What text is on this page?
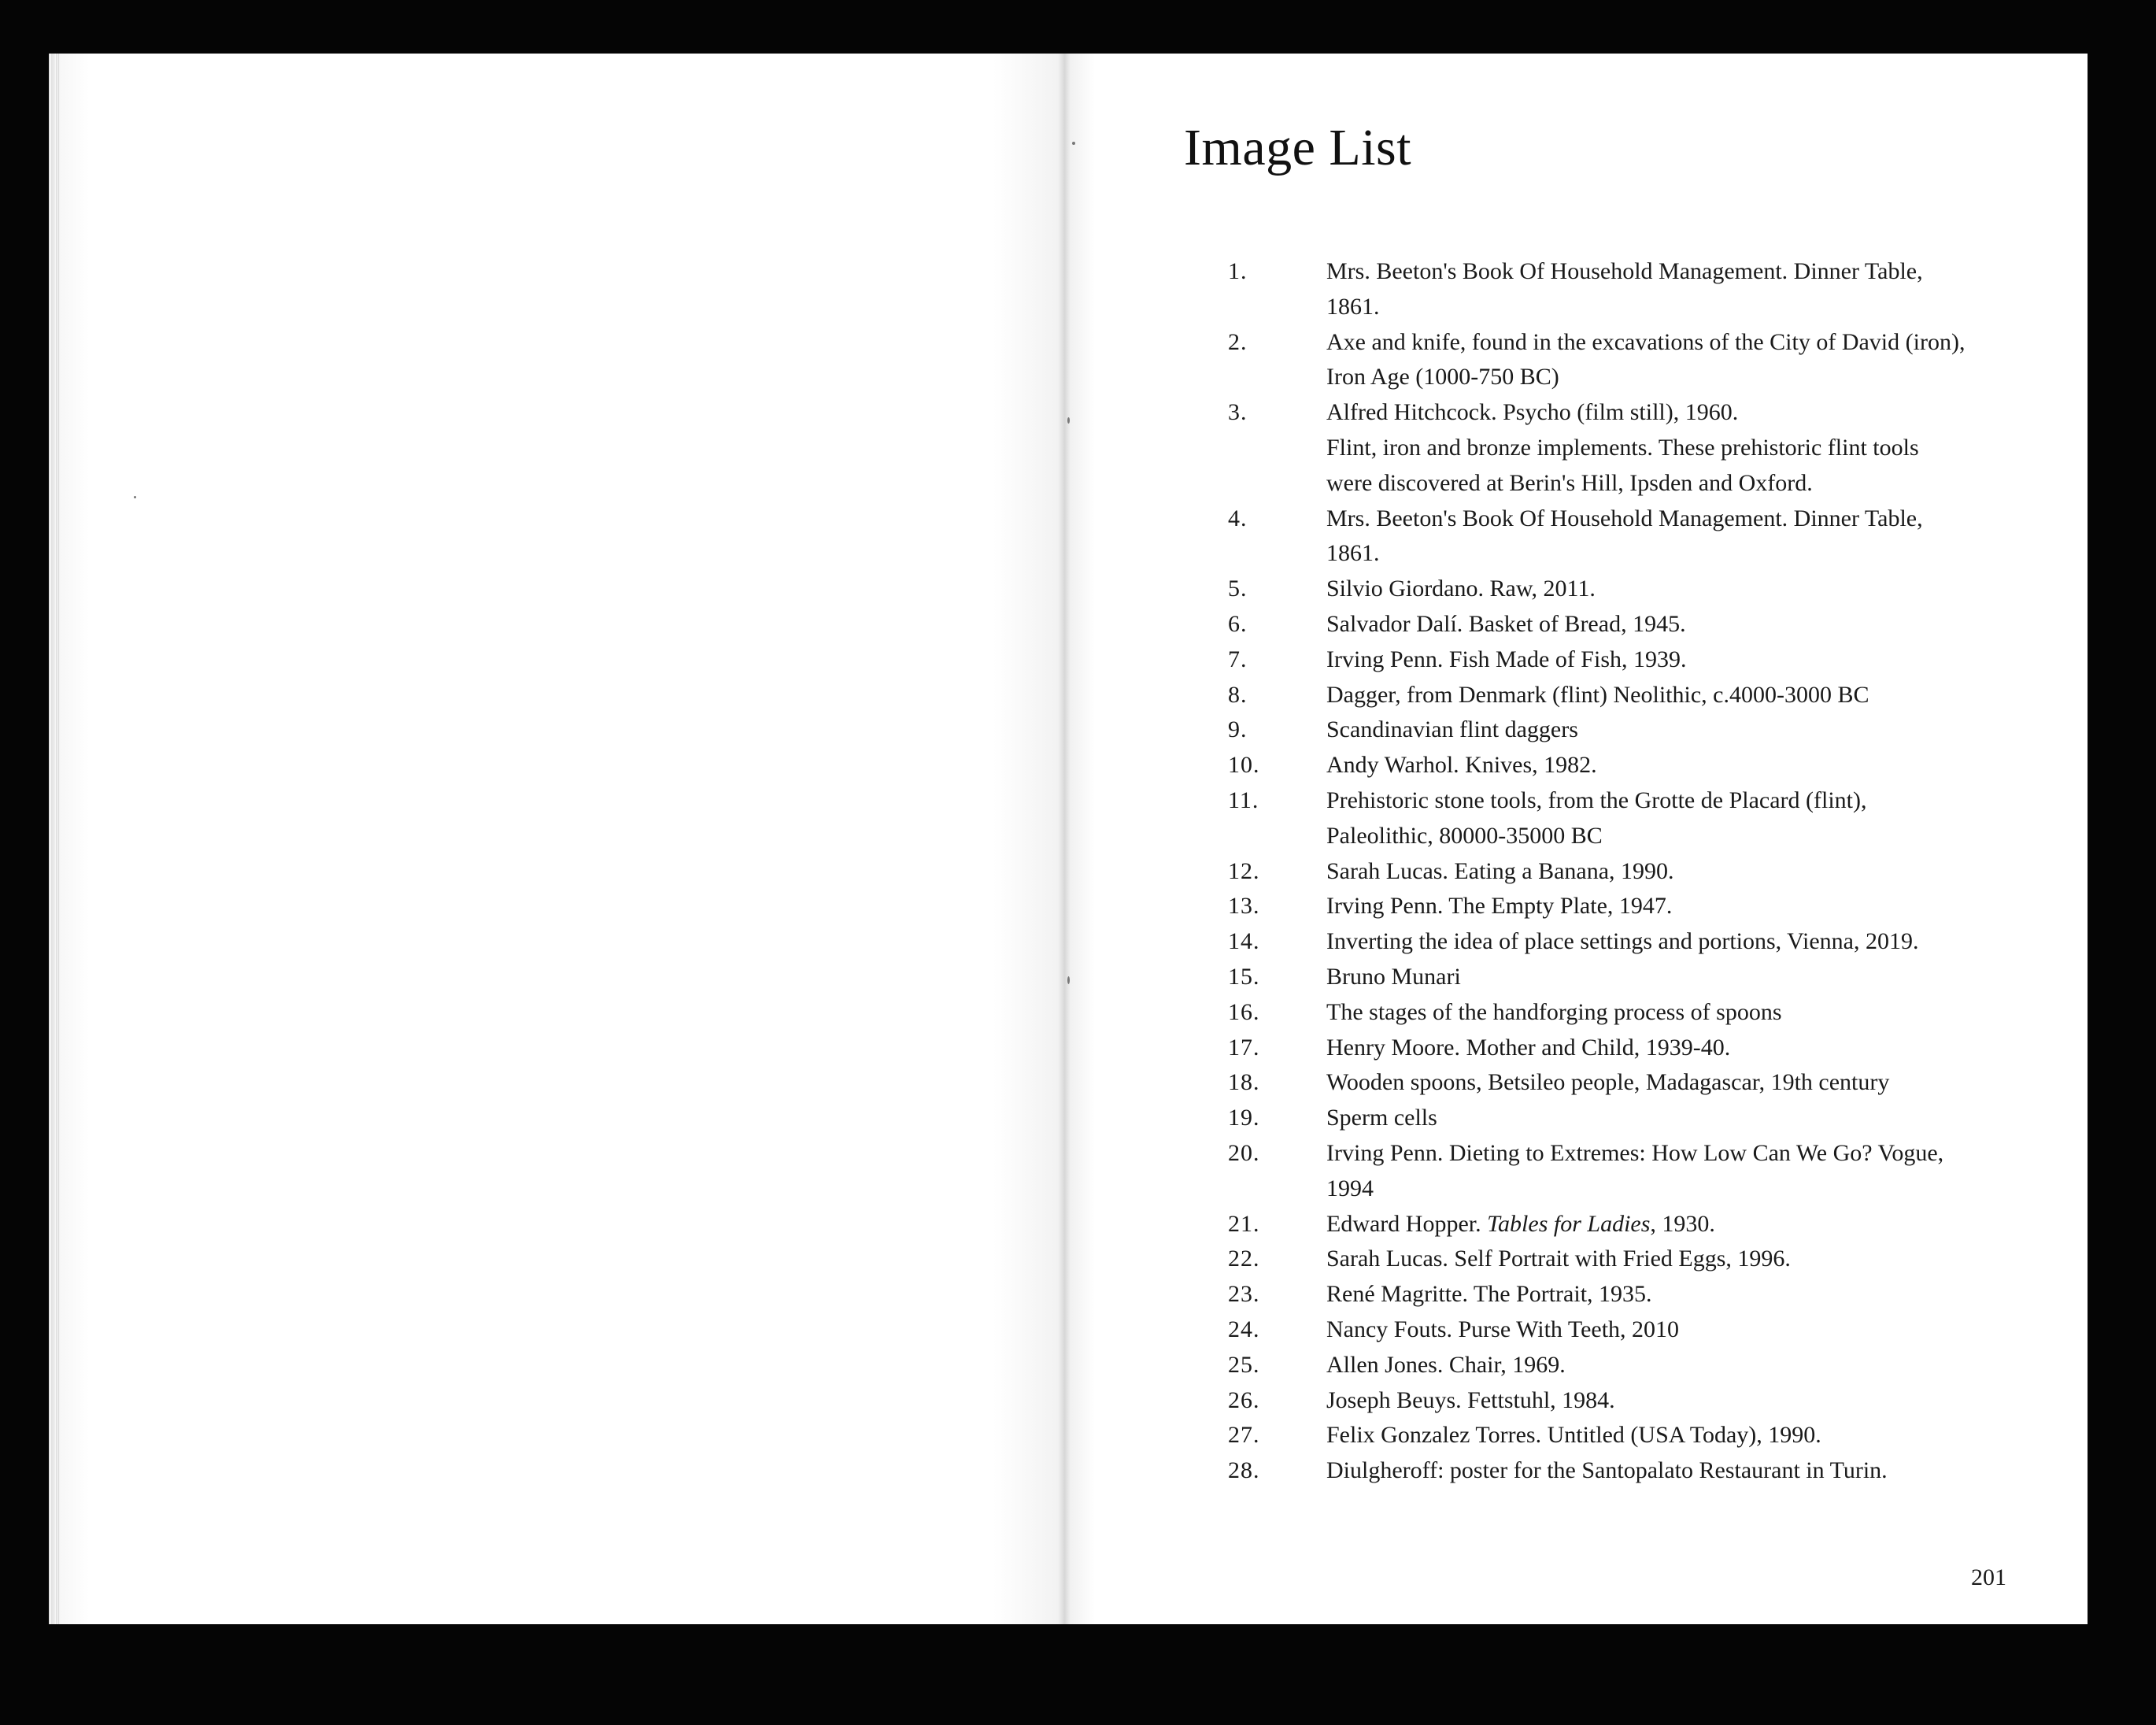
Image List
1.	Mrs. Beeton's Book Of Household Management. Dinner Table,
1861.
2.	Axe and knife, found in the excavations of the City of David (iron),
Iron Age (1000-750 BC)
3.	Alfred Hitchcock. Psycho (film still), 1960.
Flint, iron and bronze implements. These prehistoric flint tools
were discovered at Berin's Hill, Ipsden and Oxford.
4.	Mrs. Beeton's Book Of Household Management. Dinner Table,
1861.
5.	Silvio Giordano. Raw, 2011.
6.	Salvador Dalí. Basket of Bread, 1945.
7.	Irving Penn. Fish Made of Fish, 1939.
8.	Dagger, from Denmark (flint) Neolithic, c.4000-3000 BC
9.	Scandinavian flint daggers
10.	Andy Warhol. Knives, 1982.
11.	Prehistoric stone tools, from the Grotte de Placard (flint),
Paleolithic, 80000-35000 BC
12.	Sarah Lucas. Eating a Banana, 1990.
13.	Irving Penn. The Empty Plate, 1947.
14.	Inverting the idea of place settings and portions, Vienna, 2019.
15.	Bruno Munari
16.	The stages of the handforging process of spoons
17.	Henry Moore. Mother and Child, 1939-40.
18.	Wooden spoons, Betsileo people, Madagascar, 19th century
19.	Sperm cells
20.	Irving Penn. Dieting to Extremes: How Low Can We Go? Vogue,
1994
21.	Edward Hopper. Tables for Ladies, 1930.
22.	Sarah Lucas. Self Portrait with Fried Eggs, 1996.
23.	René Magritte. The Portrait, 1935.
24.	Nancy Fouts. Purse With Teeth, 2010
25.	Allen Jones. Chair, 1969.
26.	Joseph Beuys. Fettstuhl, 1984.
27.	Felix Gonzalez Torres. Untitled (USA Today), 1990.
28.	Diulgheroff: poster for the Santopalato Restaurant in Turin.
201
